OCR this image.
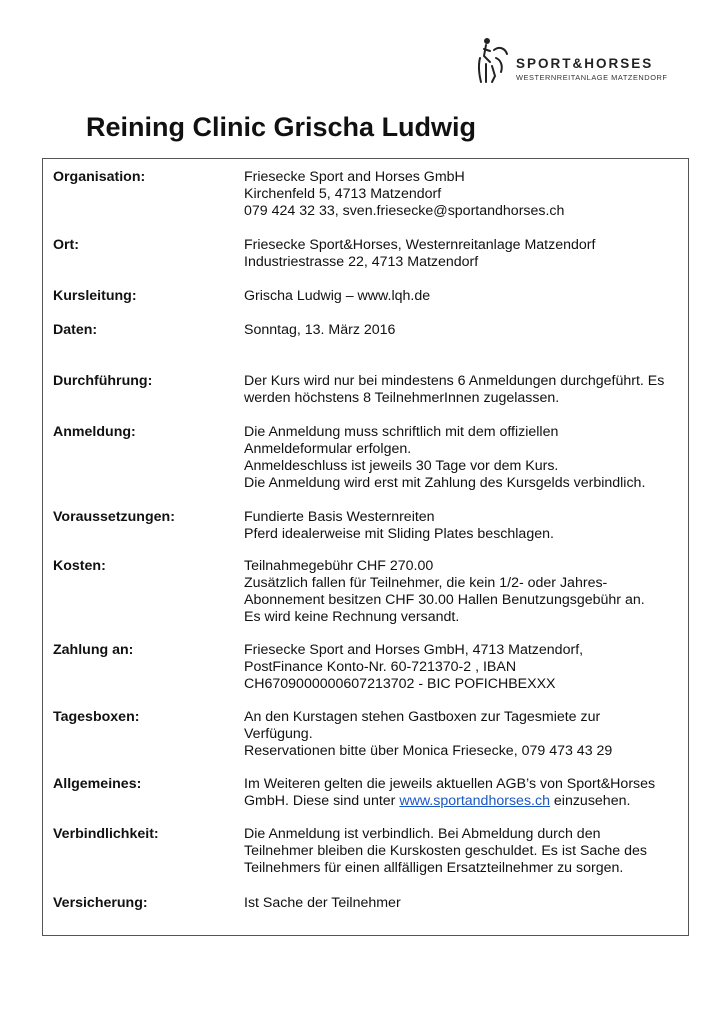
SPORT&HORSES
WESTERNREITANLAGE MATZENDORF
Reining Clinic Grischa Ludwig
Organisation:	Friesecke Sport and Horses GmbH
Kirchenfeld 5, 4713 Matzendorf
079 424 32 33, sven.friesecke@sportandhorses.ch
Ort:	Friesecke Sport&Horses, Westernreitanlage Matzendorf
Industriestrasse 22, 4713 Matzendorf
Kursleitung:	Grischa Ludwig – www.lqh.de
Daten:	Sonntag, 13. März 2016
Durchführung:	Der Kurs wird nur bei mindestens 6 Anmeldungen durchgeführt. Es
werden höchstens 8 TeilnehmerInnen zugelassen.
Anmeldung:	Die Anmeldung muss schriftlich mit dem offiziellen
Anmeldeformular erfolgen.
Anmeldeschluss ist jeweils 30 Tage vor dem Kurs.
Die Anmeldung wird erst mit Zahlung des Kursgelds verbindlich.
Voraussetzungen:	Fundierte Basis Westernreiten
Pferd idealerweise mit Sliding Plates beschlagen.
Kosten:	Teilnahmegebühr CHF 270.00
Zusätzlich fallen für Teilnehmer, die kein 1/2- oder Jahres-
Abonnement besitzen CHF 30.00 Hallen Benutzungsgebühr an.
Es wird keine Rechnung versandt.
Zahlung an:	Friesecke Sport and Horses GmbH, 4713 Matzendorf,
PostFinance Konto-Nr. 60-721370-2 , IBAN
CH6709000000607213702 - BIC POFICHBEXXX
Tagesboxen:	An den Kurstagen stehen Gastboxen zur Tagesmiete zur
Verfügung.
Reservationen bitte über Monica Friesecke, 079 473 43 29
Allgemeines:	Im Weiteren gelten die jeweils aktuellen AGB’s von Sport&Horses
GmbH. Diese sind unter www.sportandhorses.ch einzusehen.
Verbindlichkeit:	Die Anmeldung ist verbindlich. Bei Abmeldung durch den
Teilnehmer bleiben die Kurskosten geschuldet. Es ist Sache des
Teilnehmers für einen allfälligen Ersatzteilnehmer zu sorgen.
Versicherung:	Ist Sache der Teilnehmer
